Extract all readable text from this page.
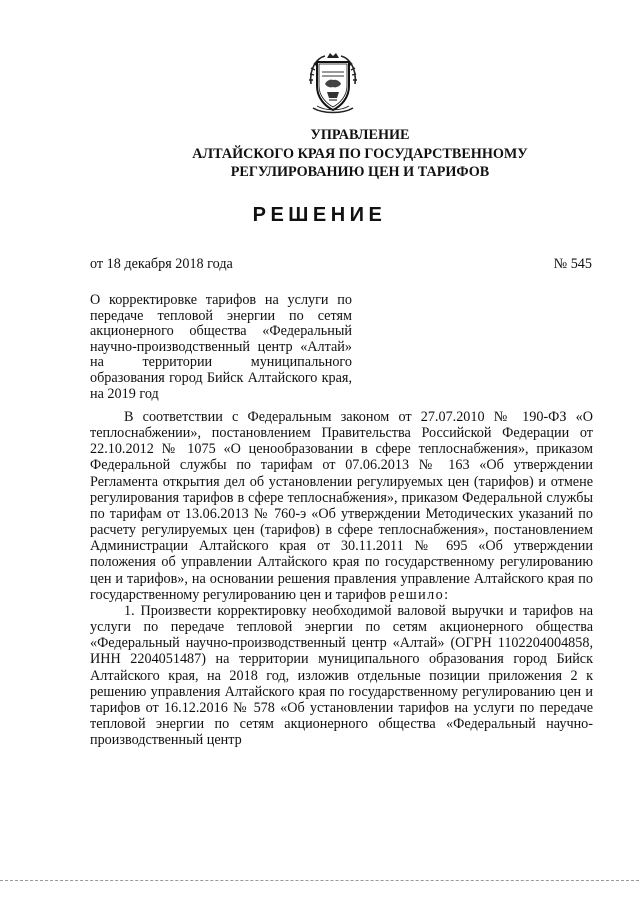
УПРАВЛЕНИЕ
АЛТАЙСКОГО КРАЯ ПО ГОСУДАРСТВЕННОМУ
РЕГУЛИРОВАНИЮ ЦЕН И ТАРИФОВ
РЕШЕНИЕ
от 18 декабря 2018 года	№ 545
О корректировке тарифов на услуги по передаче тепловой энергии по сетям акционерного общества «Федеральный научно-производственный центр «Алтай» на территории муниципального образования город Бийск Алтайского края, на 2019 год

В соответствии с Федеральным законом от 27.07.2010 № 190-ФЗ «О теплоснабжении», постановлением Правительства Российской Федерации от 22.10.2012 № 1075 «О ценообразовании в сфере теплоснабжения», приказом Федеральной службы по тарифам от 07.06.2013 № 163 «Об утверждении Регламента открытия дел об установлении регулируемых цен (тарифов) и отмене регулирования тарифов в сфере теплоснабжения», приказом Федеральной службы по тарифам от 13.06.2013 № 760-э «Об утверждении Методических указаний по расчету регулируемых цен (тарифов) в сфере теплоснабжения», постановлением Администрации Алтайского края от 30.11.2011 № 695 «Об утверждении положения об управлении Алтайского края по государственному регулированию цен и тарифов», на основании решения правления управление Алтайского края по государственному регулированию цен и тарифов решило:

1. Произвести корректировку необходимой валовой выручки и тарифов на услуги по передаче тепловой энергии по сетям акционерного общества «Федеральный научно-производственный центр «Алтай» (ОГРН 1102204004858, ИНН 2204051487) на территории муниципального образования город Бийск Алтайского края, на 2018 год, изложив отдельные позиции приложения 2 к решению управления Алтайского края по государственному регулированию цен и тарифов от 16.12.2016 № 578 «Об установлении тарифов на услуги по передаче тепловой энергии по сетям акционерного общества «Федеральный научно-производственный центр
